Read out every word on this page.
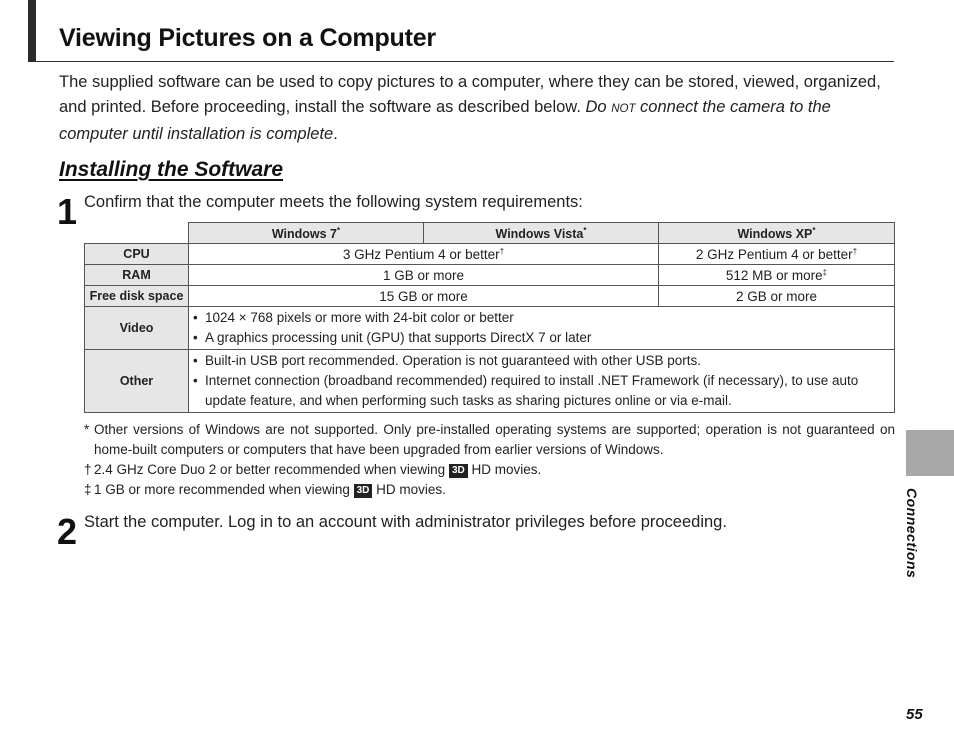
Viewing Pictures on a Computer
The supplied software can be used to copy pictures to a computer, where they can be stored, viewed, organized, and printed. Before proceeding, install the software as described below. Do NOT connect the camera to the computer until installation is complete.
Installing the Software
1 Confirm that the computer meets the following system requirements:
	Windows 7*	Windows Vista*	Windows XP*
CPU	3 GHz Pentium 4 or better†		2 GHz Pentium 4 or better†
RAM	1 GB or more		512 MB or more‡
Free disk space	15 GB or more		2 GB or more
Video	• 1024 × 768 pixels or more with 24-bit color or better
• A graphics processing unit (GPU) that supports DirectX 7 or later		

Other	• Built-in USB port recommended. Operation is not guaranteed with other USB ports.
• Internet connection (broadband recommended) required to install .NET Framework (if necessary), to use auto update feature, and when performing such tasks as sharing pictures online or via e-mail.		
* Other versions of Windows are not supported. Only pre-installed operating systems are supported; operation is not guaranteed on home-built computers or computers that have been upgraded from earlier versions of Windows.
† 2.4 GHz Core Duo 2 or better recommended when viewing 3D HD movies.
‡ 1 GB or more recommended when viewing 3D HD movies.
2 Start the computer. Log in to an account with administrator privileges before proceeding.	Connections
55
